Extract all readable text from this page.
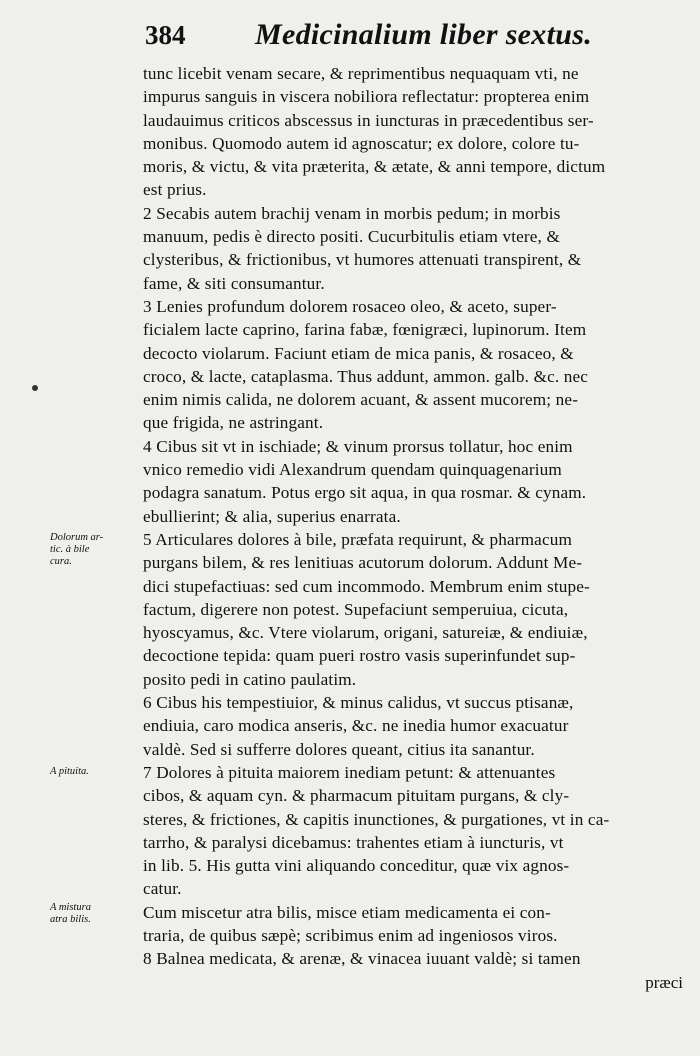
384	Medicinalium liber sextus.
Dolorum ar-
tic. à bile
cura.
A pituita.
A mistura
atra bilis.
tunc licebit venam secare, & reprimentibus nequaquam vti, ne
impurus sanguis in viscera nobiliora reflectatur: propterea enim
laudauimus criticos abscessus in iuncturas in præcedentibus ser-
monibus. Quomodo autem id agnoscatur; ex dolore, colore tu-
moris, & victu, & vita præterita, & ætate, & anni tempore, dictum
est prius.
2 Secabis autem brachij venam in morbis pedum; in morbis
manuum, pedis è directo positi. Cucurbitulis etiam vtere, &
clysteribus, & frictionibus, vt humores attenuati transpirent, &
fame, & siti consumantur.
3 Lenies profundum dolorem rosaceo oleo, & aceto, super-
ficialem lacte caprino, farina fabæ, fœnigræci, lupinorum. Item
decocto violarum. Faciunt etiam de mica panis, & rosaceo, &
croco, & lacte, cataplasma. Thus addunt, ammon. galb. &c. nec
enim nimis calida, ne dolorem acuant, & assent mucorem; ne-
que frigida, ne astringant.
4 Cibus sit vt in ischiade; & vinum prorsus tollatur, hoc enim
vnico remedio vidi Alexandrum quendam quinquagenarium
podagra sanatum. Potus ergo sit aqua, in qua rosmar. & cynam.
ebullierint; & alia, superius enarrata.
5 Articulares dolores à bile, præfata requirunt, & pharmacum
purgans bilem, & res lenitiuas acutorum dolorum. Addunt Me-
dici stupefactiuas: sed cum incommodo. Membrum enim stupe-
factum, digerere non potest. Supefaciunt semperuiua, cicuta,
hyoscyamus, &c. Vtere violarum, origani, satureiæ, & endiuiæ,
decoctione tepida: quam pueri rostro vasis superinfundet sup-
posito pedi in catino paulatim.
6 Cibus his tempestiuior, & minus calidus, vt succus ptisanæ,
endiuia, caro modica anseris, &c. ne inedia humor exacuatur
valdè. Sed si sufferre dolores queant, citius ita sanantur.
7 Dolores à pituita maiorem inediam petunt: & attenuantes
cibos, & aquam cyn. & pharmacum pituitam purgans, & cly-
steres, & frictiones, & capitis inunctiones, & purgationes, vt in ca-
tarrho, & paralysi dicebamus: trahentes etiam à iuncturis, vt
in lib. 5. His gutta vini aliquando conceditur, quæ vix agnos-
catur.
Cum miscetur atra bilis, misce etiam medicamenta ei con-
traria, de quibus sæpè; scribimus enim ad ingeniosos viros.
8 Balnea medicata, & arenæ, & vinacea iuuant valdè; si tamen
præci
